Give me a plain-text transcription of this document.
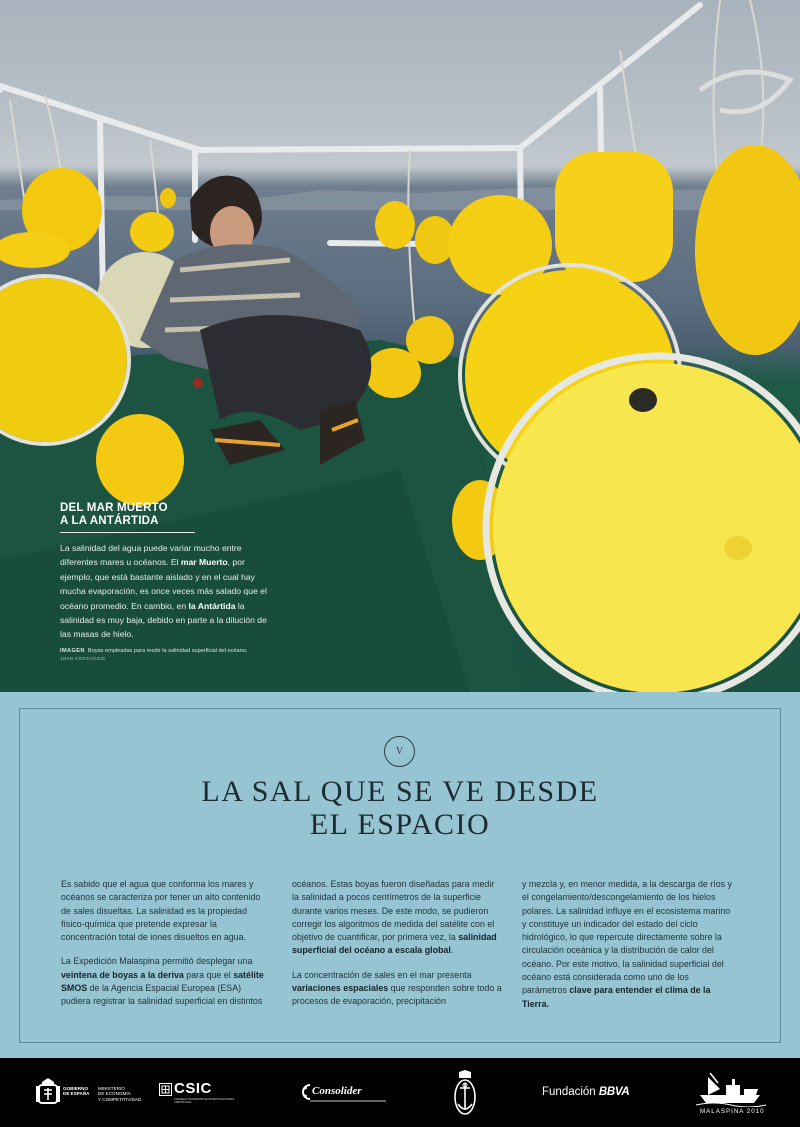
DEL MAR MUERTO
A LA ANTÁRTIDA

La salinidad del agua puede variar mucho entre diferentes mares u océanos. El mar Muerto, por ejemplo, que está bastante aislado y en el cual hay mucha evaporación, es once veces más salado que el océano promedio. En cambio, en la Antártida la salinidad es muy baja, debido en parte a la dilución de las masas de hielo.

IMAGEN Boyas empleadas para medir la salinidad superficial del océano.

JOAN COSTA/CSIC

V
LA SAL QUE SE VE DESDE
EL ESPACIO

Es sabido que el agua que conforma los mares y océanos se caracteriza por tener un alto contenido de sales disueltas. La salinidad es la propiedad físico-química que pretende expresar la concentración total de iones disueltos en agua.

La Expedición Malaspina permitió desplegar una veintena de boyas a la deriva para que el satélite SMOS de la Agencia Espacial Europea (ESA) pudiera registrar la salinidad superficial en distintos

océanos. Estas boyas fueron diseñadas para medir la salinidad a pocos centímetros de la superficie durante varios meses. De este modo, se pudieron corregir los algoritmos de medida del satélite con el objetivo de cuantificar, por primera vez, la salinidad superficial del océano a escala global.

La concentración de sales en el mar presenta variaciones espaciales que responden sobre todo a procesos de evaporación, precipitación

y mezcla y, en menor medida, a la descarga de ríos y el congelamiento/descongelamiento de los hielos polares. La salinidad influye en el ecosistema marino y constituye un indicador del estado del ciclo hidrológico, lo que repercute directamente sobre la circulación oceánica y la distribución de calor del océano. Por este motivo, la salinidad superficial del océano está considerada como uno de los parámetros clave para entender el clima de la Tierra.

GOBIERNO
DE ESPAÑA
MINISTERIO
DE ECONOMÍA
Y COMPETITIVIDAD
CSIC
CONSEJO SUPERIOR DE INVESTIGACIONES CIENTÍFICAS
Consolider	Fundación BBVA
MALASPINA 2010
